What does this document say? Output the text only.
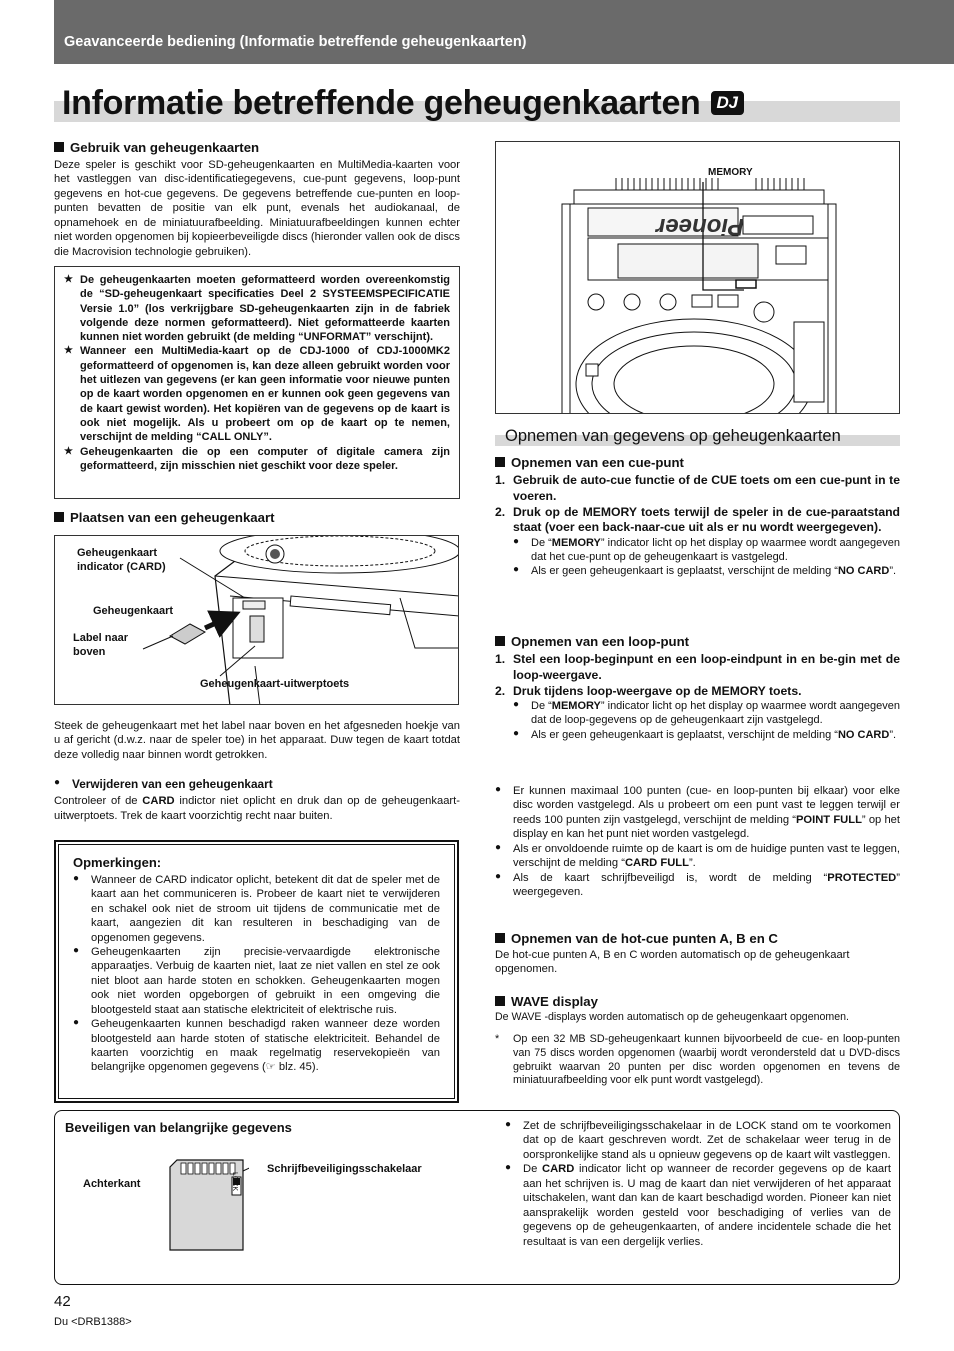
Geavanceerde bediening (Informatie betreffende geheugenkaarten)
Informatie betreffende geheugenkaarten DJ
Gebruik van geheugenkaarten

Deze speler is geschikt voor SD-geheugenkaarten en MultiMedia-kaarten voor het vastleggen van disc-identificatiegegevens, cue-punt gegevens, loop-punt gegevens en hot-cue gegevens. De gegevens betreffende cue-punten en loop-punten bevatten de positie van elk punt, evenals het audiokanaal, de opnamehoek en de miniatuurafbeelding. Miniatuurafbeeldingen kunnen echter niet worden opgenomen bij kopieerbeveiligde discs (hieronder vallen ook de discs die Macrovision technologie gebruiken).

★ De geheugenkaarten moeten geformatteerd worden overeenkomstig de “SD-geheugenkaart specificaties Deel 2 SYSTEEMSPECIFICATIE Versie 1.0” (los verkrijgbare SD-geheugenkaarten zijn in de fabriek volgende deze normen geformatteerd). Niet geformatteerde kaarten kunnen niet worden gebruikt (de melding “UNFORMAT” verschijnt).

★ Wanneer een MultiMedia-kaart op de CDJ-1000 of CDJ-1000MK2 geformatteerd of opgenomen is, kan deze alleen gebruikt worden voor het uitlezen van gegevens (er kan geen informatie voor nieuwe punten op de kaart worden opgenomen en er kunnen ook geen gegevens van de kaart gewist worden). Het kopiëren van de gegevens op de kaart is ook niet mogelijk. Als u probeert om op de kaart op te nemen, verschijnt de melding “CALL ONLY”.

★ Geheugenkaarten die op een computer of digitale camera zijn geformatteerd, zijn misschien niet geschikt voor deze speler.

Plaatsen van een geheugenkaart
Geheugenkaart indicator (CARD)
Geheugenkaart
Label naar boven
Geheugenkaart-uitwerptoets

Steek de geheugenkaart met het label naar boven en het afgesneden hoekje van u af gericht (d.w.z. naar de speler toe) in het apparaat. Duw tegen de kaart totdat deze volledig naar binnen wordt getrokken.

● Verwijderen van een geheugenkaart

Controleer of de CARD indictor niet oplicht en druk dan op de geheugenkaart-uitwerptoets. Trek de kaart voorzichtig recht naar buiten.

Opmerkingen:

● Wanneer de CARD indicator oplicht, betekent dit dat de speler met de kaart aan het communiceren is. Probeer de kaart niet te verwijderen en schakel ook niet de stroom uit tijdens de communicatie met de kaart, aangezien dit kan resulteren in beschadiging van de opgenomen gegevens.

● Geheugenkaarten zijn precisie-vervaardigde elektronische apparaatjes. Verbuig de kaarten niet, laat ze niet vallen en stel ze ook niet bloot aan harde stoten en schokken. Geheugenkaarten mogen ook niet worden opgeborgen of gebruikt in een omgeving die blootgesteld staat aan statische elektriciteit of elektrische ruis.

● Geheugenkaarten kunnen beschadigd raken wanneer deze worden blootgesteld aan harde stoten of statische elektriciteit. Behandel de kaarten voorzichtig en maak regelmatig reservekopieën van belangrijke opgenomen gegevens (☞ blz. 45).

MEMORY
Pioneer
Opnemen van gegevens op geheugenkaarten
Opnemen van een cue-punt

1. Gebruik de auto-cue functie of de CUE toets om een cue-punt in te voeren.

2. Druk op de MEMORY toets terwijl de speler in de cue-paraatstand staat (voer een back-naar-cue uit als er nu wordt weergegeven).

● De “MEMORY” indicator licht op het display op waarmee wordt aangegeven dat het cue-punt op de geheugenkaart is vastgelegd.

● Als er geen geheugenkaart is geplaatst, verschijnt de melding “NO CARD”.

Opnemen van een loop-punt

1. Stel een loop-beginpunt en een loop-eindpunt in en be-gin met de loop-weergave.

2. Druk tijdens loop-weergave op de MEMORY toets.

● De “MEMORY” indicator licht op het display op waarmee wordt aangegeven dat de loop-gegevens op de geheugenkaart zijn vastgelegd.

● Als er geen geheugenkaart is geplaatst, verschijnt de melding “NO CARD”.

● Er kunnen maximaal 100 punten (cue- en loop-punten bij elkaar) voor elke disc worden vastgelegd. Als u probeert om een punt vast te leggen terwijl er reeds 100 punten zijn vastgelegd, verschijnt de melding “POINT FULL” op het display en kan het punt niet worden vastgelegd.

● Als er onvoldoende ruimte op de kaart is om de huidige punten vast te leggen, verschijnt de melding “CARD FULL”.

● Als de kaart schrijfbeveiligd is, wordt de melding “PROTECTED” weergegeven.

Opnemen van de hot-cue punten A, B en C

De hot-cue punten A, B en C worden automatisch op de geheugenkaart opgenomen.

WAVE display

De WAVE -displays worden automatisch op de geheugenkaart opgenomen.

* Op een 32 MB SD-geheugenkaart kunnen bijvoorbeeld de cue- en loop-punten van 75 discs worden opgenomen (waarbij wordt verondersteld dat u DVD-discs gebruikt waarvan 20 punten per disc worden opgenomen en tevens de miniatuurafbeelding voor elk punt wordt vastgelegd).

Beveiligen van belangrijke gegevens
Achterkant
Schrijfbeveiligingsschakelaar
LOCK

● Zet de schrijfbeveiligingsschakelaar in de LOCK stand om te voorkomen dat op de kaart geschreven wordt. Zet de schakelaar weer terug in de oorspronkelijke stand als u opnieuw gegevens op de kaart wilt vastleggen.

● De CARD indicator licht op wanneer de recorder gegevens op de kaart aan het schrijven is. U mag de kaart dan niet verwijderen of het apparaat uitschakelen, want dan kan de kaart beschadigd worden. Pioneer kan niet aansprakelijk worden gesteld voor beschadiging of verlies van de gegevens op de geheugenkaarten, of andere incidentele schade die het resultaat is van een dergelijk verlies.

42
Du <DRB1388>
